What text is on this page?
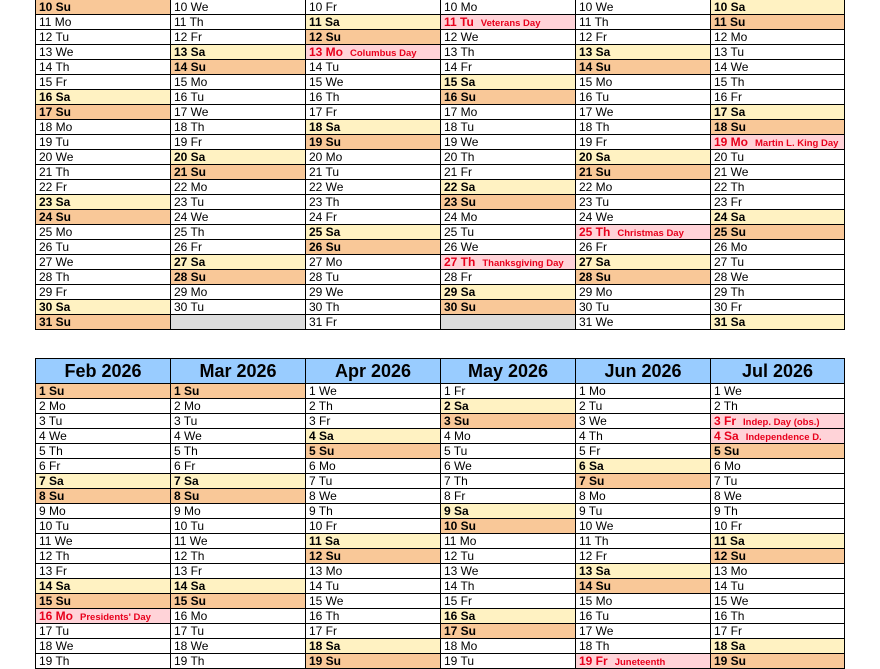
10 Su
11 Mo
12 Tu
13 We
14 Th
15 Fr
16 Sa
17 Su
18 Mo
19 Tu
20 We
21 Th
22 Fr
23 Sa
24 Su
25 Mo
26 Tu
27 We
28 Th
29 Fr
30 Sa
31 Su
10 We
11 Th
12 Fr
13 Sa
14 Su
15 Mo
16 Tu
17 We
18 Th
19 Fr
20 Sa
21 Su
22 Mo
23 Tu
24 We
25 Th
26 Fr
27 Sa
28 Su
29 Mo
30 Tu
10 Fr
11 Sa
12 Su
13 Mo Columbus Day
14 Tu
15 We
16 Th
17 Fr
18 Sa
19 Su
20 Mo
21 Tu
22 We
23 Th
24 Fr
25 Sa
26 Su
27 Mo
28 Tu
29 We
30 Th
31 Fr
10 Mo
11 Tu Veterans Day
12 We
13 Th
14 Fr
15 Sa
16 Su
17 Mo
18 Tu
19 We
20 Th
21 Fr
22 Sa
23 Su
24 Mo
25 Tu
26 We
27 Th Thanksgiving Day
28 Fr
29 Sa
30 Su
10 We
11 Th
12 Fr
13 Sa
14 Su
15 Mo
16 Tu
17 We
18 Th
19 Fr
20 Sa
21 Su
22 Mo
23 Tu
24 We
25 Th Christmas Day
26 Fr
27 Sa
28 Su
29 Mo
30 Tu
31 We
10 Sa
11 Su
12 Mo
13 Tu
14 We
15 Th
16 Fr
17 Sa
18 Su
19 Mo Martin L. King Day
20 Tu
21 We
22 Th
23 Fr
24 Sa
25 Su
26 Mo
27 Tu
28 We
29 Th
30 Fr
31 Sa
Feb 2026
1 Su
2 Mo
3 Tu
4 We
5 Th
6 Fr
7 Sa
8 Su
9 Mo
10 Tu
11 We
12 Th
13 Fr
14 Sa
15 Su
16 Mo Presidents' Day
17 Tu
18 We
19 Th
Mar 2026
1 Su
2 Mo
3 Tu
4 We
5 Th
6 Fr
7 Sa
8 Su
9 Mo
10 Tu
11 We
12 Th
13 Fr
14 Sa
15 Su
16 Mo
17 Tu
18 We
19 Th
Apr 2026
1 We
2 Th
3 Fr
4 Sa
5 Su
6 Mo
7 Tu
8 We
9 Th
10 Fr
11 Sa
12 Su
13 Mo
14 Tu
15 We
16 Th
17 Fr
18 Sa
19 Su
May 2026
1 Fr
2 Sa
3 Su
4 Mo
5 Tu
6 We
7 Th
8 Fr
9 Sa
10 Su
11 Mo
12 Tu
13 We
14 Th
15 Fr
16 Sa
17 Su
18 Mo
19 Tu
Jun 2026
1 Mo
2 Tu
3 We
4 Th
5 Fr
6 Sa
7 Su
8 Mo
9 Tu
10 We
11 Th
12 Fr
13 Sa
14 Su
15 Mo
16 Tu
17 We
18 Th
19 Fr Juneteenth
Jul 2026
1 We
2 Th
3 Fr Indep. Day (obs.)
4 Sa Independence D.
5 Su
6 Mo
7 Tu
8 We
9 Th
10 Fr
11 Sa
12 Su
13 Mo
14 Tu
15 We
16 Th
17 Fr
18 Sa
19 Su
